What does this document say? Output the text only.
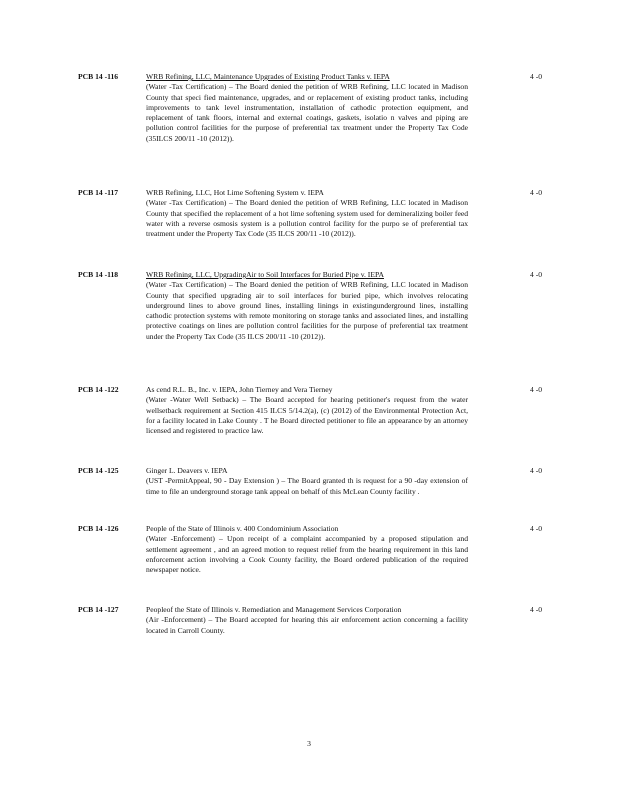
PCB 14 -116	WRB Refining, LLC, Maintenance Upgrades of Existing Product Tanks v. IEPA

(Water -Tax Certification) – The Board denied the petition of WRB Refining, LLC located in Madison County that speci fied maintenance, upgrades, and or replacement of existing product tanks, including improvements to tank level instrumentation, installation of cathodic protection equipment, and replacement of tank floors, internal and external coatings, gaskets, isolatio n valves and piping are pollution control facilities for the purpose of preferential tax treatment under the Property Tax Code (35ILCS 200/11 -10 (2012)).

4 -0
PCB 14 -117	WRB Refining, LLC, Hot Lime Softening System v. IEPA

(Water -Tax Certification) – The Board denied the petition of WRB Refining, LLC located in Madison County that specified the replacement of a hot lime softening system used for demineralizing boiler feed water with a reverse osmosis system is a pollution control facility for the purpo se of preferential tax treatment under the Property Tax Code (35 ILCS 200/11 -10 (2012)).

4 -0
PCB 14 -118	WRB Refining, LLC, UpgradingAir to Soil Interfaces for Buried Pipe v. IEPA

(Water -Tax Certification) – The Board denied the petition of WRB Refining, LLC located in Madison County that specified upgrading air to soil interfaces for buried pipe, which involves relocating underground lines to above ground lines, installing linings in existingunderground lines, installing cathodic protection systems with remote monitoring on storage tanks and associated lines, and installing protective coatings on lines are pollution control facilities for the purpose of preferential tax treatment under the Property Tax Code (35 ILCS 200/11 -10 (2012)).

4 -0
PCB 14 -122	As cend R.L. B., Inc. v. IEPA, John Tierney and Vera Tierney

(Water -Water Well Setback) – The Board accepted for hearing petitioner's request from the water wellsetback requirement at Section 415 ILCS 5/14.2(a), (c) (2012) of the Environmental Protection Act, for a facility located in Lake County . T he Board directed petitioner to file an appearance by an attorney licensed and registered to practice law.

4 -0
PCB 14 -125	Ginger L. Deavers v. IEPA

(UST -PermitAppeal, 90 - Day Extension ) – The Board granted th is request for a 90 -day extension of time to file an underground storage tank appeal on behalf of this McLean County facility .

4 -0
PCB 14 -126	People of the State of Illinois v. 400 Condominium Association

(Water -Enforcement) – Upon receipt of a complaint accompanied by a proposed stipulation and settlement agreement , and an agreed motion to request relief from the hearing requirement in this land enforcement action involving a Cook County facility, the Board ordered publication of the required newspaper notice.

4 -0
PCB 14 -127	Peopleof the State of Illinois v. Remediation and Management Services Corporation

(Air -Enforcement) – The Board accepted for hearing this air enforcement action concerning a facility located in Carroll County.

4 -0
3
